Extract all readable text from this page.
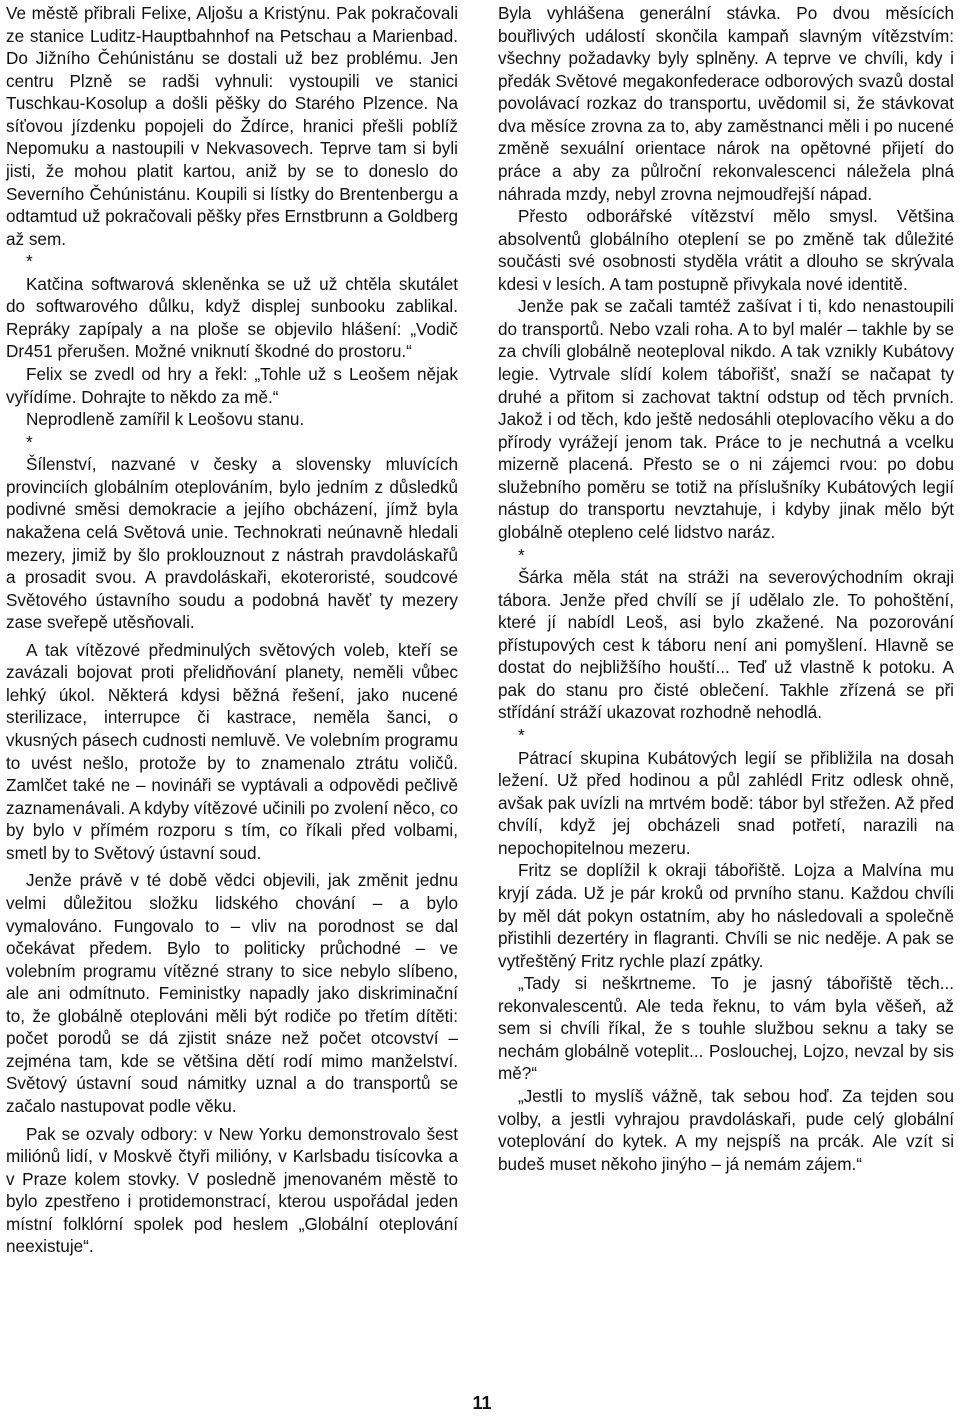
Ve městě přibrali Felixe, Aljošu a Kristýnu. Pak pokračovali ze stanice Luditz-Hauptbahnhof na Petschau a Marienbad. Do Jižního Čehúnistánu se dostali už bez problému. Jen centru Plzně se radši vyhnuli: vystoupili ve stanici Tuschkau-Kosolup a došli pěšky do Starého Plzence. Na síťovou jízdenku popojeli do Ždírce, hranici přešli poblíž Nepomuku a nastoupili v Nekvasovech. Teprve tam si byli jisti, že mohou platit kartou, aniž by se to doneslo do Severního Čehúnistánu. Koupili si lístky do Brentenbergu a odtamtud už pokračovali pěšky přes Ernstbrunn a Goldberg až sem.

*

Katčina softwarová skleněnka se už už chtěla skutálet do softwarového důlku, když displej sunbooku zablikal. Repráky zapípaly a na ploše se objevilo hlášení: „Vodič Dr451 přerušen. Možné vniknutí škodné do prostoru.“

Felix se zvedl od hry a řekl: „Tohle už s Leošem nějak vyřídíme. Dohrajte to někdo za mě.“

Neprodleně zamířil k Leošovu stanu.

*

Šílenství, nazvané v česky a slovensky mluvících provinciích globálním oteplováním, bylo jedním z důsledků podivné směsi demokracie a jejího obcházení, jímž byla nakažena celá Světová unie. Technokrati neúnavně hledali mezery, jimiž by šlo proklouznout z nástrah pravdoláskařů a prosadit svou. A pravdoláskaři, ekoteroristé, soudcové Světového ústavního soudu a podobná havěť ty mezery zase sveřepě utěsňovali.

A tak vítězové předminulých světových voleb, kteří se zavázali bojovat proti přelidňování planety, neměli vůbec lehký úkol. Některá kdysi běžná řešení, jako nucené sterilizace, interrupce či kastrace, neměla šanci, o vkusných pásech cudnosti nemluvě. Ve volebním programu to uvést nešlo, protože by to znamenalo ztrátu voličů. Zamlčet také ne – novináři se vyptávali a odpovědi pečlivě zaznamenávali. A kdyby vítězové učinili po zvolení něco, co by bylo v přímém rozporu s tím, co říkali před volbami, smetl by to Světový ústavní soud.

Jenže právě v té době vědci objevili, jak změnit jednu velmi důležitou složku lidského chování – a bylo vymalováno. Fungovalo to – vliv na porodnost se dal očekávat předem. Bylo to politicky průchodné – ve volebním programu vítězné strany to sice nebylo slíbeno, ale ani odmítnuto. Feministky napadly jako diskriminační to, že globálně oteplováni měli být rodiče po třetím dítěti: počet porodů se dá zjistit snáze než počet otcovství – zejména tam, kde se většina dětí rodí mimo manželství. Světový ústavní soud námitky uznal a do transportů se začalo nastupovat podle věku.

Pak se ozvaly odbory: v New Yorku demonstrovalo šest miliónů lidí, v Moskvě čtyři milióny, v Karlsbadu tisícovka a v Praze kolem stovky. V posledně jmenovaném městě to bylo zpestřeno i protidemonstrací, kterou uspořádal jeden místní folklórní spolek pod heslem „Globální oteplování neexistuje“.

Byla vyhlášena generální stávka. Po dvou měsících bouřlivých událostí skončila kampaň slavným vítězstvím: všechny požadavky byly splněny. A teprve ve chvíli, kdy i předák Světové megakonfederace odborových svazů dostal povolávací rozkaz do transportu, uvědomil si, že stávkovat dva měsíce zrovna za to, aby zaměstnanci měli i po nucené změně sexuální orientace nárok na opětovné přijetí do práce a aby za půlroční rekonvalescenci náležela plná náhrada mzdy, nebyl zrovna nejmoudřejší nápad.

Přesto odborářské vítězství mělo smysl. Většina absolventů globálního oteplení se po změně tak důležité součásti své osobnosti styděla vrátit a dlouho se skrývala kdesi v lesích. A tam postupně přivykala nové identitě.

Jenže pak se začali tamtéž zašívat i ti, kdo nenastoupili do transportů. Nebo vzali roha. A to byl malér – takhle by se za chvíli globálně neoteploval nikdo. A tak vznikly Kubátovy legie. Vytrvale slídí kolem tábořišť, snaží se načapat ty druhé a přitom si zachovat taktní odstup od těch prvních. Jakož i od těch, kdo ještě nedosáhli oteplovacího věku a do přírody vyrážejí jenom tak. Práce to je nechutná a vcelku mizerně placená. Přesto se o ni zájemci rvou: po dobu služebního poměru se totiž na příslušníky Kubátových legií nástup do transportu nevztahuje, i kdyby jinak mělo být globálně otepleno celé lidstvo naráz.

*

Šárka měla stát na stráži na severovýchodním okraji tábora. Jenže před chvílí se jí udělalo zle. To pohoštění, které jí nabídl Leoš, asi bylo zkažené. Na pozorování přístupových cest k táboru není ani pomyšlení. Hlavně se dostat do nejbližšího houští... Teď už vlastně k potoku. A pak do stanu pro čisté oblečení. Takhle zřízená se při střídání stráží ukazovat rozhodně nehodlá.

*

Pátrací skupina Kubátových legií se přibližila na dosah ležení. Už před hodinou a půl zahlédl Fritz odlesk ohně, avšak pak uvízli na mrtvém bodě: tábor byl střežen. Až před chvílí, když jej obcházeli snad potřetí, narazili na nepochopitelnou mezeru.

Fritz se doplížil k okraji tábořiště. Lojza a Malvína mu kryjí záda. Už je pár kroků od prvního stanu. Každou chvíli by měl dát pokyn ostatním, aby ho následovali a společně přistihli dezertéry in flagranti. Chvíli se nic neděje. A pak se vytřeštěný Fritz rychle plazí zpátky.

„Tady si neškrtneme. To je jasný tábořiště těch... rekonvalescentů. Ale teda řeknu, to vám byla věšeň, až sem si chvíli říkal, že s touhle službou seknu a taky se nechám globálně voteplit... Posloucheј, Lojzo, nevzal by sis mě?“

„Jestli to myslíš vážně, tak sebou hoď. Za tejden sou volby, a jestli vyhrajou pravdoláskaři, pude celý globální voteplování do kytek. A my nejspíš na prcák. Ale vzít si budeš muset někoho jinýho – já nemám zájem.“

11
